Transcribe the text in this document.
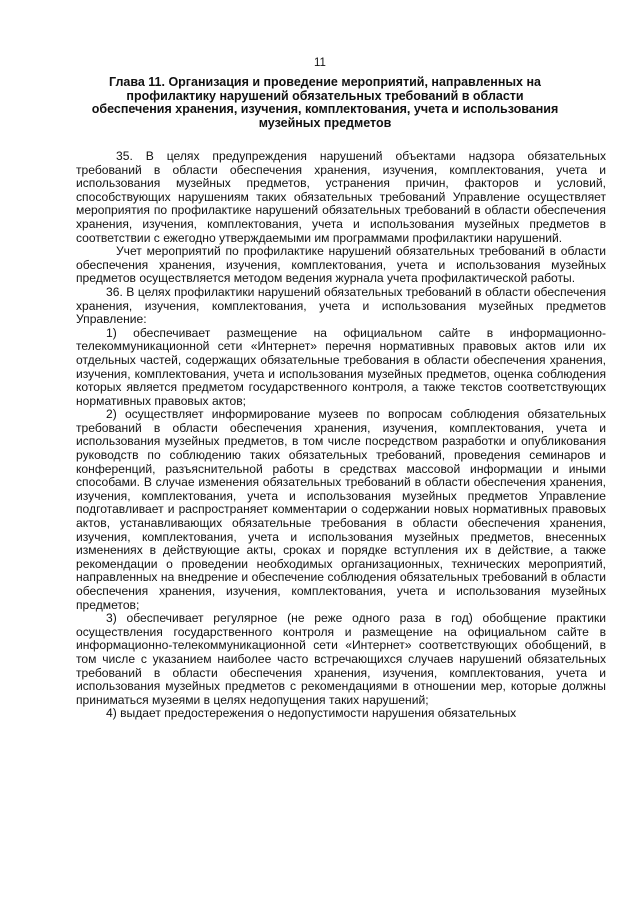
11
Глава 11. Организация и проведение мероприятий, направленных на профилактику нарушений обязательных требований в области обеспечения хранения, изучения, комплектования, учета и использования музейных предметов

35. В целях предупреждения нарушений объектами надзора обязательных требований в области обеспечения хранения, изучения, комплектования, учета и использования музейных предметов, устранения причин, факторов и условий, способствующих нарушениям таких обязательных требований Управление осуществляет мероприятия по профилактике нарушений обязательных требований в области обеспечения хранения, изучения, комплектования, учета и использования музейных предметов в соответствии с ежегодно утверждаемыми им программами профилактики нарушений.

Учет мероприятий по профилактике нарушений обязательных требований в области обеспечения хранения, изучения, комплектования, учета и использования музейных предметов осуществляется методом ведения журнала учета профилактической работы.

36. В целях профилактики нарушений обязательных требований в области обеспечения хранения, изучения, комплектования, учета и использования музейных предметов Управление:

1) обеспечивает размещение на официальном сайте в информационно-телекоммуникационной сети «Интернет» перечня нормативных правовых актов или их отдельных частей, содержащих обязательные требования в области обеспечения хранения, изучения, комплектования, учета и использования музейных предметов, оценка соблюдения которых является предметом государственного контроля, а также текстов соответствующих нормативных правовых актов;

2) осуществляет информирование музеев по вопросам соблюдения обязательных требований в области обеспечения хранения, изучения, комплектования, учета и использования музейных предметов, в том числе посредством разработки и опубликования руководств по соблюдению таких обязательных требований, проведения семинаров и конференций, разъяснительной работы в средствах массовой информации и иными способами. В случае изменения обязательных требований в области обеспечения хранения, изучения, комплектования, учета и использования музейных предметов Управление подготавливает и распространяет комментарии о содержании новых нормативных правовых актов, устанавливающих обязательные требования в области обеспечения хранения, изучения, комплектования, учета и использования музейных предметов, внесенных изменениях в действующие акты, сроках и порядке вступления их в действие, а также рекомендации о проведении необходимых организационных, технических мероприятий, направленных на внедрение и обеспечение соблюдения обязательных требований в области обеспечения хранения, изучения, комплектования, учета и использования музейных предметов;

3) обеспечивает регулярное (не реже одного раза в год) обобщение практики осуществления государственного контроля и размещение на официальном сайте в информационно-телекоммуникационной сети «Интернет» соответствующих обобщений, в том числе с указанием наиболее часто встречающихся случаев нарушений обязательных требований в области обеспечения хранения, изучения, комплектования, учета и использования музейных предметов с рекомендациями в отношении мер, которые должны приниматься музеями в целях недопущения таких нарушений;

4) выдает предостережения о недопустимости нарушения обязательных
